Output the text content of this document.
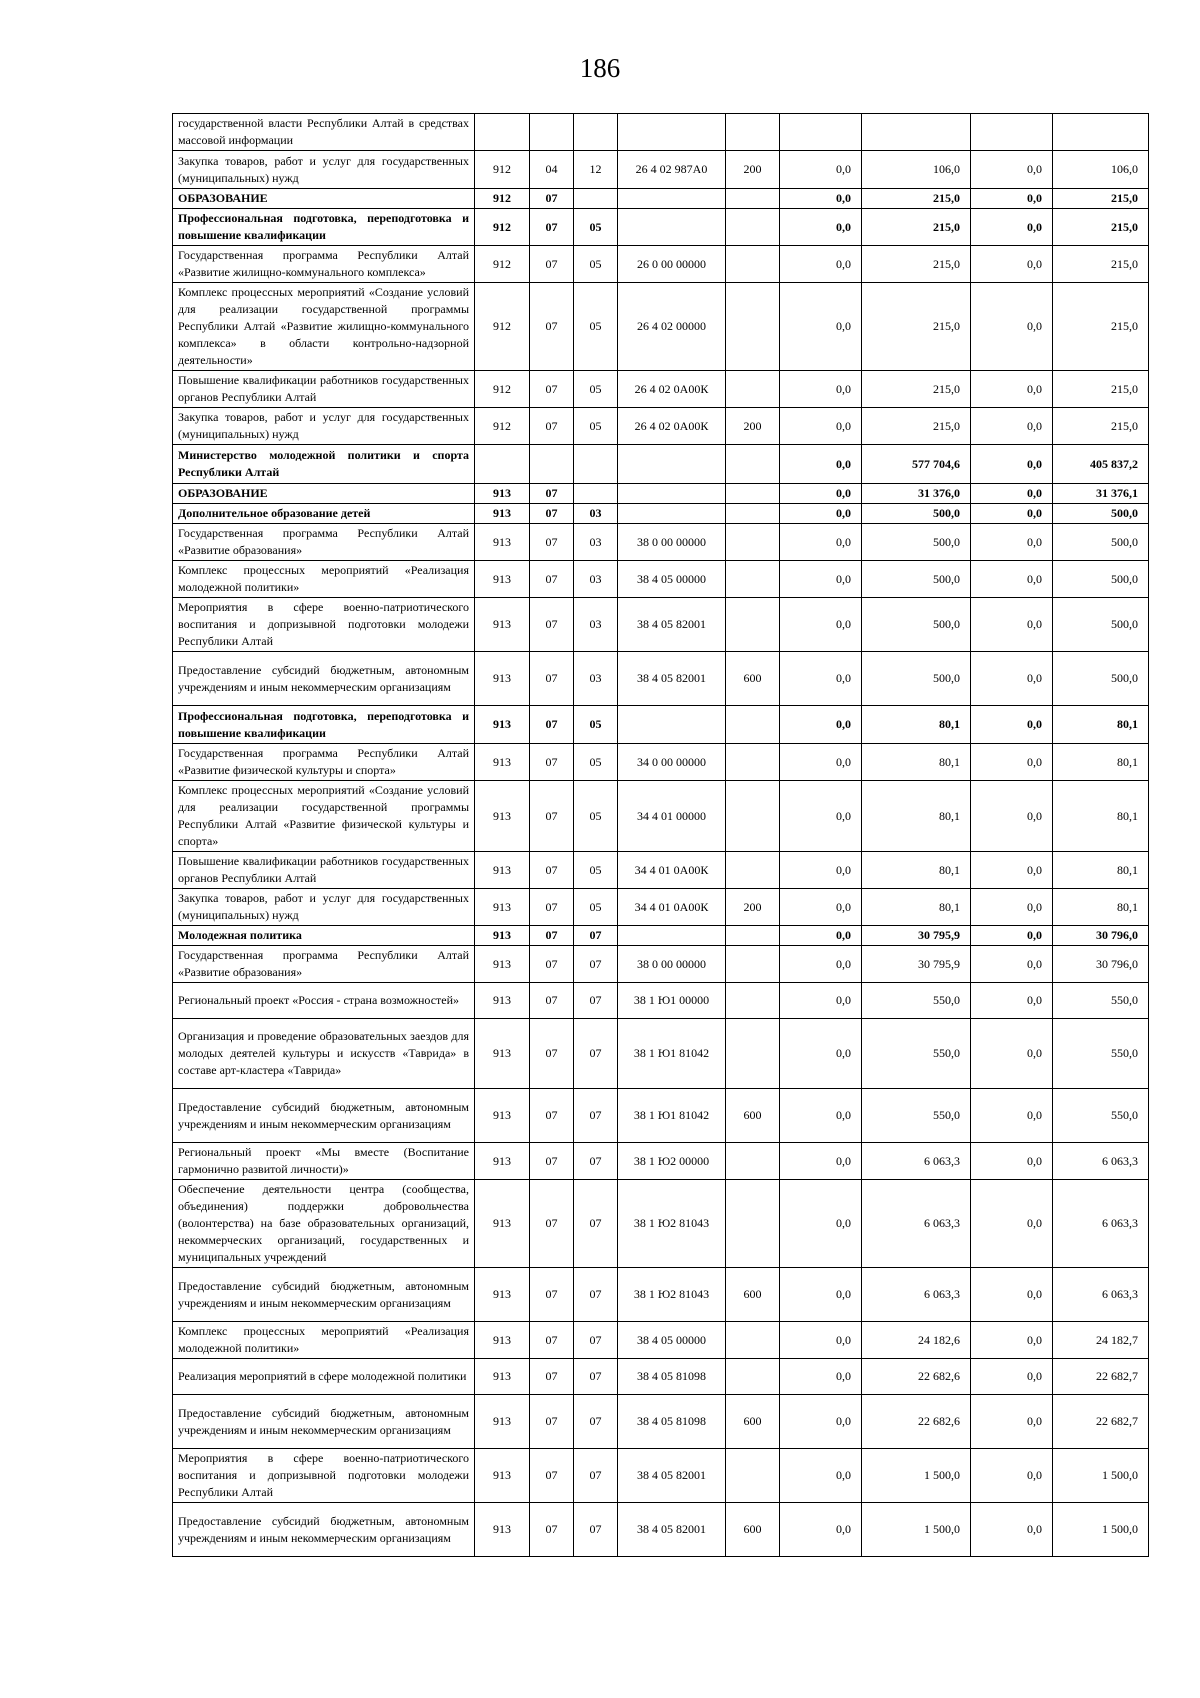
186
государственной власти Республики Алтай в средствах массовой информации									
Закупка товаров, работ и услуг для государственных (муниципальных) нужд	912	04	12	26 4 02 987А0	200	0,0	106,0	0,0	106,0
ОБРАЗОВАНИЕ	912	07				0,0	215,0	0,0	215,0
Профессиональная подготовка, переподготовка и повышение квалификации	912	07	05			0,0	215,0	0,0	215,0
Государственная программа Республики Алтай «Развитие жилищно-коммунального комплекса»	912	07	05	26 0 00 00000		0,0	215,0	0,0	215,0
Комплекс процессных мероприятий «Создание условий для реализации государственной программы Республики Алтай «Развитие жилищно-коммунального комплекса» в области контрольно-надзорной деятельности»	912	07	05	26 4 02 00000		0,0	215,0	0,0	215,0
Повышение квалификации работников государственных органов Республики Алтай	912	07	05	26 4 02 0А00К		0,0	215,0	0,0	215,0
Закупка товаров, работ и услуг для государственных (муниципальных) нужд	912	07	05	26 4 02 0А00К	200	0,0	215,0	0,0	215,0
Министерство молодежной политики и спорта Республики Алтай						0,0	577 704,6	0,0	405 837,2
ОБРАЗОВАНИЕ	913	07				0,0	31 376,0	0,0	31 376,1
Дополнительное образование детей	913	07	03			0,0	500,0	0,0	500,0
Государственная программа Республики Алтай «Развитие образования»	913	07	03	38 0 00 00000		0,0	500,0	0,0	500,0
Комплекс процессных мероприятий «Реализация молодежной политики»	913	07	03	38 4 05 00000		0,0	500,0	0,0	500,0
Мероприятия в сфере военно-патриотического воспитания и допризывной подготовки молодежи Республики Алтай	913	07	03	38 4 05 82001		0,0	500,0	0,0	500,0
Предоставление субсидий бюджетным, автономным учреждениям и иным некоммерческим организациям	913	07	03	38 4 05 82001	600	0,0	500,0	0,0	500,0
Профессиональная подготовка, переподготовка и повышение квалификации	913	07	05			0,0	80,1	0,0	80,1
Государственная программа Республики Алтай «Развитие физической культуры и спорта»	913	07	05	34 0 00 00000		0,0	80,1	0,0	80,1
Комплекс процессных мероприятий «Создание условий для реализации государственной программы Республики Алтай «Развитие физической культуры и спорта»	913	07	05	34 4 01 00000		0,0	80,1	0,0	80,1
Повышение квалификации работников государственных органов Республики Алтай	913	07	05	34 4 01 0А00К		0,0	80,1	0,0	80,1
Закупка товаров, работ и услуг для государственных (муниципальных) нужд	913	07	05	34 4 01 0А00К	200	0,0	80,1	0,0	80,1
Молодежная политика	913	07	07			0,0	30 795,9	0,0	30 796,0
Государственная программа Республики Алтай «Развитие образования»	913	07	07	38 0 00 00000		0,0	30 795,9	0,0	30 796,0
Региональный проект «Россия - страна возможностей»	913	07	07	38 1 Ю1 00000		0,0	550,0	0,0	550,0
Организация и проведение образовательных заездов для молодых деятелей культуры и искусств «Таврида» в составе арт-кластера «Таврида»	913	07	07	38 1 Ю1 81042		0,0	550,0	0,0	550,0
Предоставление субсидий бюджетным, автономным учреждениям и иным некоммерческим организациям	913	07	07	38 1 Ю1 81042	600	0,0	550,0	0,0	550,0
Региональный проект «Мы вместе (Воспитание гармонично развитой личности)»	913	07	07	38 1 Ю2 00000		0,0	6 063,3	0,0	6 063,3
Обеспечение деятельности центра (сообщества, объединения) поддержки добровольчества (волонтерства) на базе образовательных организаций, некоммерческих организаций, государственных и муниципальных учреждений	913	07	07	38 1 Ю2 81043		0,0	6 063,3	0,0	6 063,3
Предоставление субсидий бюджетным, автономным учреждениям и иным некоммерческим организациям	913	07	07	38 1 Ю2 81043	600	0,0	6 063,3	0,0	6 063,3
Комплекс процессных мероприятий «Реализация молодежной политики»	913	07	07	38 4 05 00000		0,0	24 182,6	0,0	24 182,7
Реализация мероприятий в сфере молодежной политики	913	07	07	38 4 05 81098		0,0	22 682,6	0,0	22 682,7
Предоставление субсидий бюджетным, автономным учреждениям и иным некоммерческим организациям	913	07	07	38 4 05 81098	600	0,0	22 682,6	0,0	22 682,7
Мероприятия в сфере военно-патриотического воспитания и допризывной подготовки молодежи Республики Алтай	913	07	07	38 4 05 82001		0,0	1 500,0	0,0	1 500,0
Предоставление субсидий бюджетным, автономным учреждениям и иным некоммерческим организациям	913	07	07	38 4 05 82001	600	0,0	1 500,0	0,0	1 500,0
